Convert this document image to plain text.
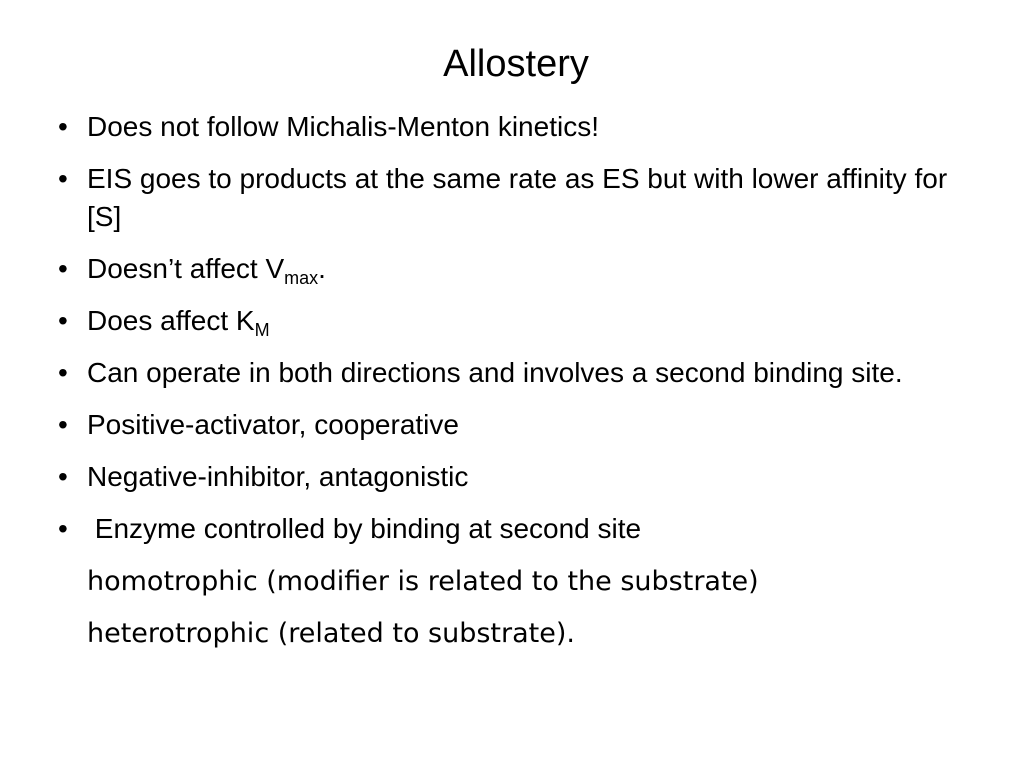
Allostery
• Does not follow Michalis-Menton kinetics!
• EIS goes to products at the same rate as ES but with lower affinity for [S]
• Doesn’t affect $V_{max}$.
• Does affect $K_M$
• Can operate in both directions and involves a second binding site.
• Positive-activator, cooperative
• Negative-inhibitor, antagonistic
• Enzyme controlled by binding at second site
homotrophic (modifier is related to the substrate)
heterotrophic (related to substrate).
